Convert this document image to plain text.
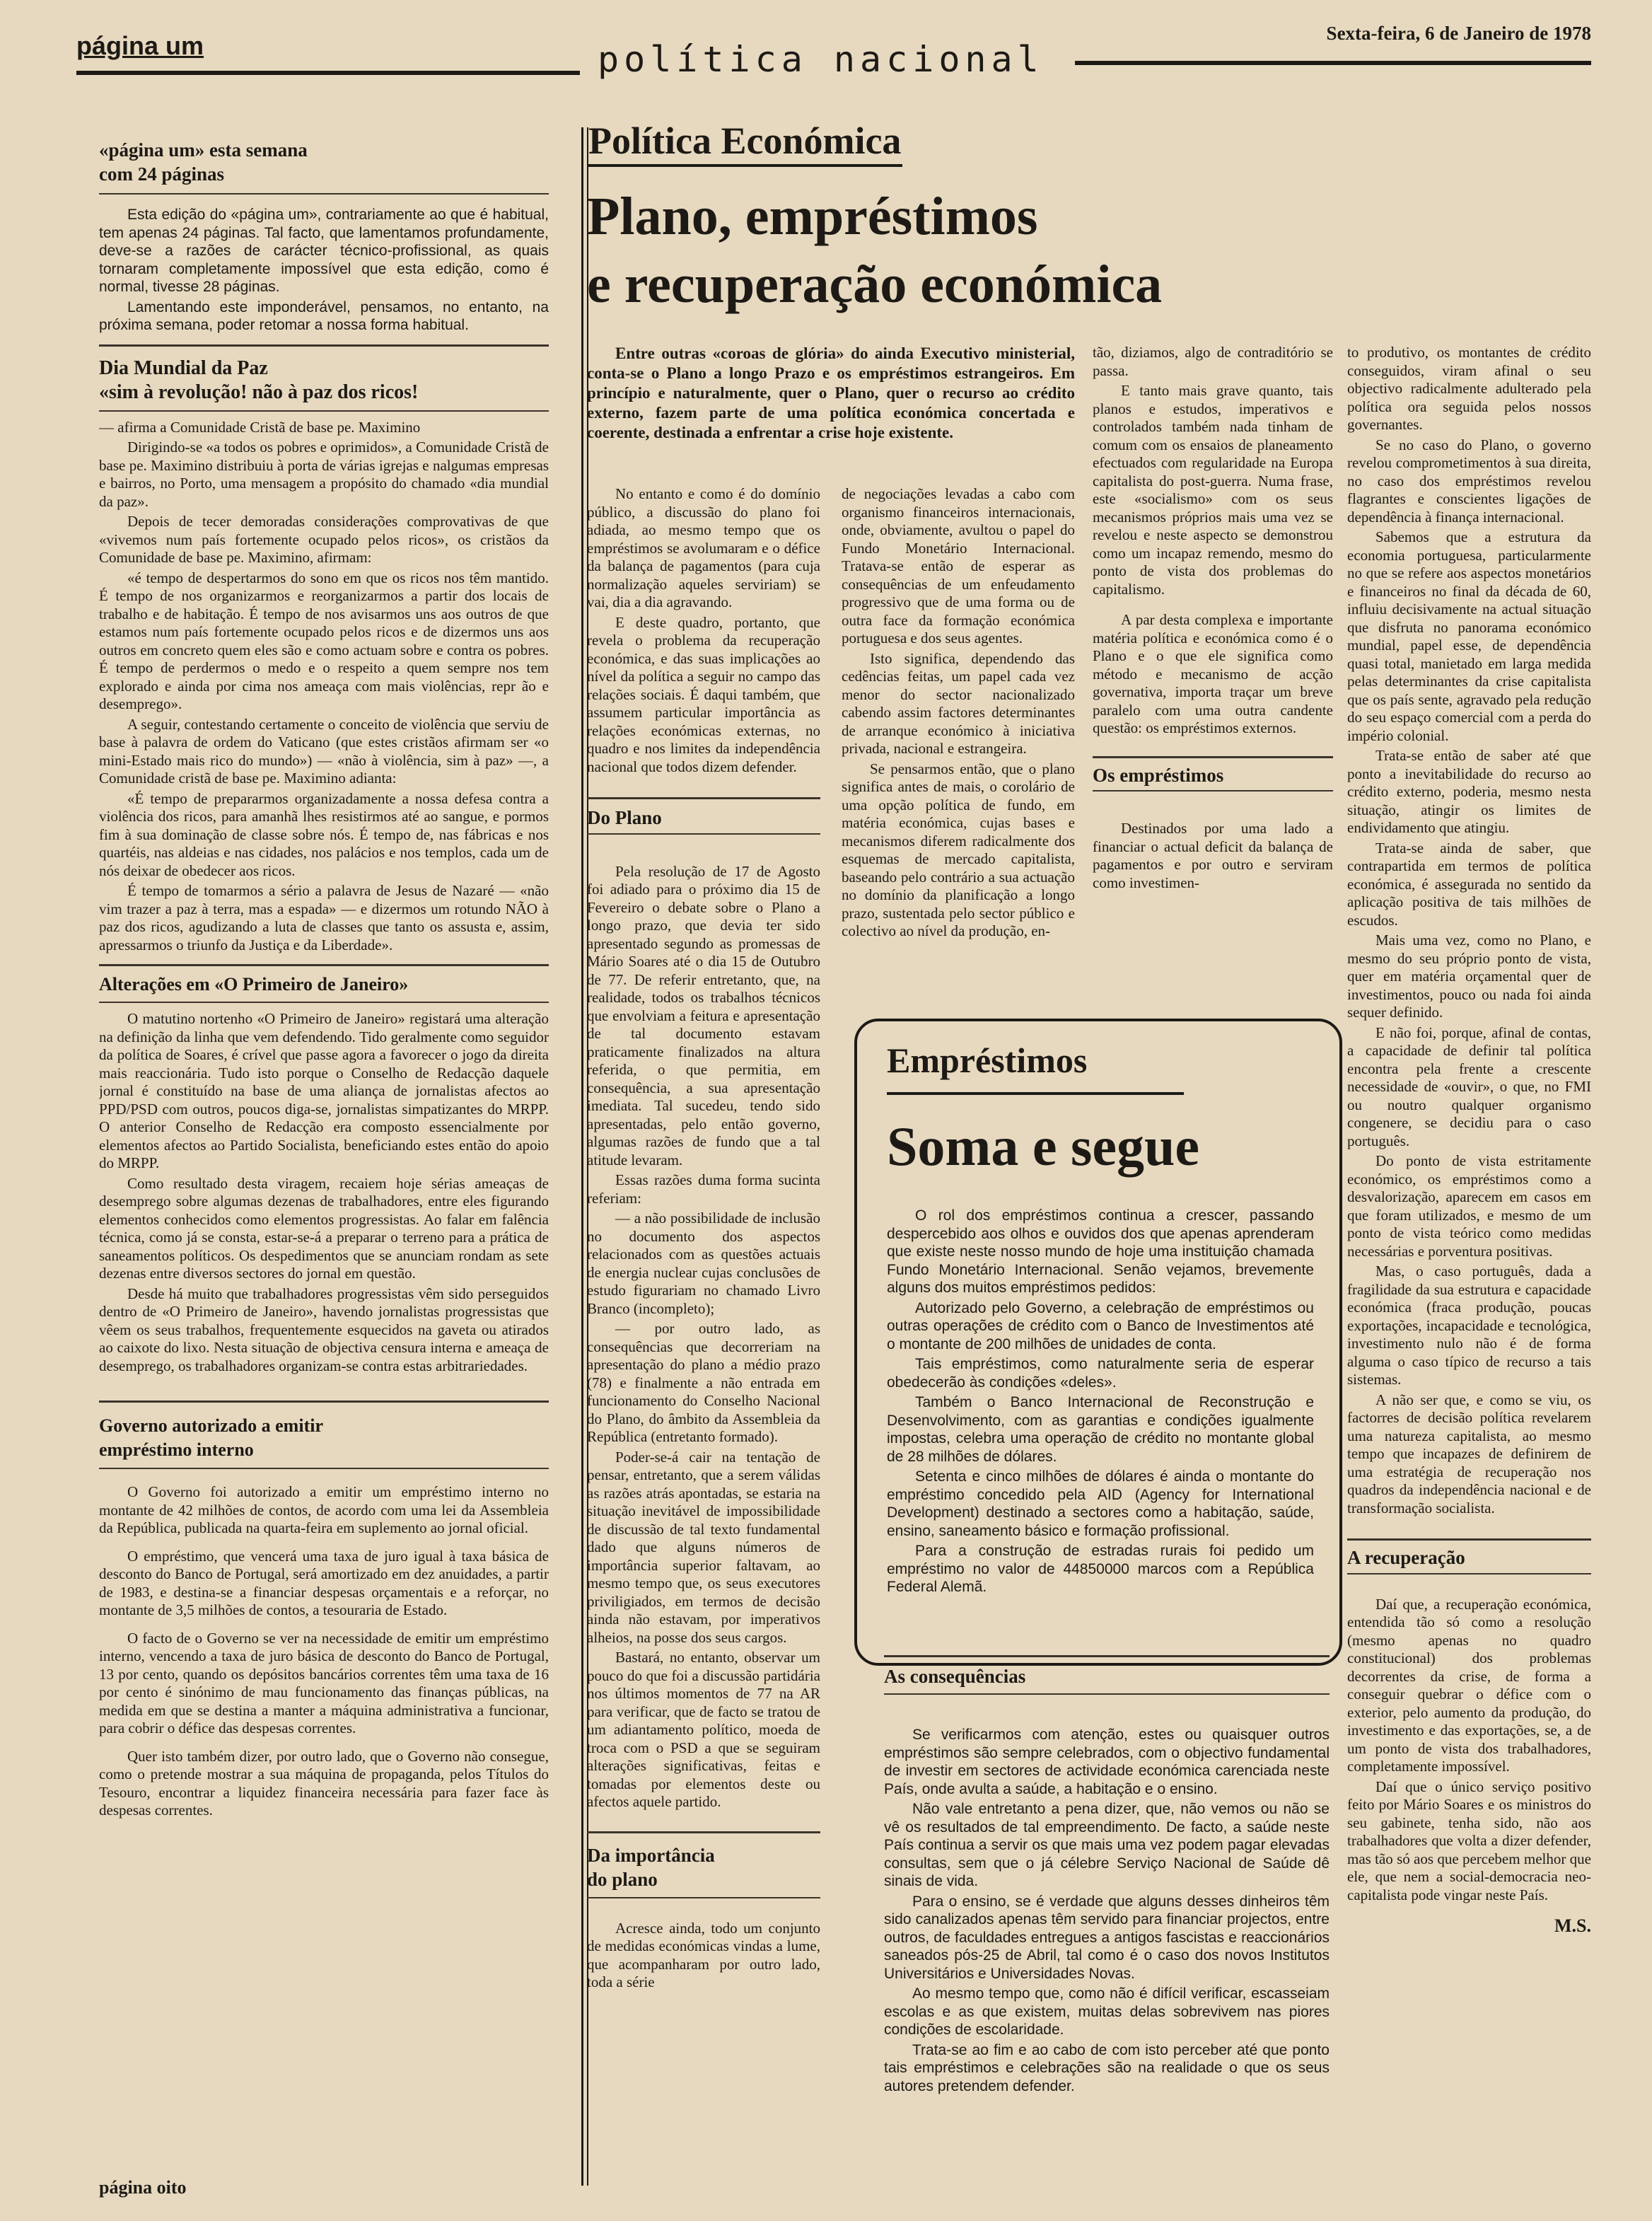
página um	política nacional
Sexta-feira, 6 de Janeiro de 1978
«página um» esta semana
com 24 páginas

Esta edição do «página um», contrariamente ao que é habitual, tem apenas 24 páginas. Tal facto, que lamentamos profundamente, deve-se a razões de carácter técnico-profissional, as quais tornaram completamente impossível que esta edição, como é normal, tivesse 28 páginas.

Lamentando este imponderável, pensamos, no entanto, na próxima semana, poder retomar a nossa forma habitual.

Dia Mundial da Paz
«sim à revolução! não à paz dos ricos!

— afirma a Comunidade Cristã de base pe. Maximino

Dirigindo-se «a todos os pobres e oprimidos», a Comunidade Cristã de base pe. Maximino distribuiu à porta de várias igrejas e nalgumas empresas e bairros, no Porto, uma mensagem a propósito do chamado «dia mundial da paz».

Depois de tecer demoradas considerações comprovativas de que «vivemos num país fortemente ocupado pelos ricos», os cristãos da Comunidade de base pe. Maximino, afirmam:

«é tempo de despertarmos do sono em que os ricos nos têm mantido. É tempo de nos organizarmos e reorganizarmos a partir dos locais de trabalho e de habitação. É tempo de nos avisarmos uns aos outros de que estamos num país fortemente ocupado pelos ricos e de dizermos uns aos outros em concreto quem eles são e como actuam sobre e contra os pobres. É tempo de perdermos o medo e o respeito a quem sempre nos tem explorado e ainda por cima nos ameaça com mais violências, repr ão e desemprego».

A seguir, contestando certamente o conceito de violência que serviu de base à palavra de ordem do Vaticano (que estes cristãos afirmam ser «o mini-Estado mais rico do mundo») — «não à violência, sim à paz» —, a Comunidade cristã de base pe. Maximino adianta:

«É tempo de prepararmos organizadamente a nossa defesa contra a violência dos ricos, para amanhã lhes resistirmos até ao sangue, e pormos fim à sua dominação de classe sobre nós. É tempo de, nas fábricas e nos quartéis, nas aldeias e nas cidades, nos palácios e nos templos, cada um de nós deixar de obedecer aos ricos.

É tempo de tomarmos a sério a palavra de Jesus de Nazaré — «não vim trazer a paz à terra, mas a espada» — e dizermos um rotundo NÃO à paz dos ricos, agudizando a luta de classes que tanto os assusta e, assim, apressarmos o triunfo da Justiça e da Liberdade».

Alterações em «O Primeiro de Janeiro»

O matutino nortenho «O Primeiro de Janeiro» registará uma alteração na definição da linha que vem defendendo. Tido geralmente como seguidor da política de Soares, é crível que passe agora a favorecer o jogo da direita mais reaccionária. Tudo isto porque o Conselho de Redacção daquele jornal é constituído na base de uma aliança de jornalistas afectos ao PPD/PSD com outros, poucos diga-se, jornalistas simpatizantes do MRPP. O anterior Conselho de Redacção era composto essencialmente por elementos afectos ao Partido Socialista, beneficiando estes então do apoio do MRPP.

Como resultado desta viragem, recaiem hoje sérias ameaças de desemprego sobre algumas dezenas de trabalhadores, entre eles figurando elementos conhecidos como elementos progressistas. Ao falar em falência técnica, como já se consta, estar-se-á a preparar o terreno para a prática de saneamentos políticos. Os despedimentos que se anunciam rondam as sete dezenas entre diversos sectores do jornal em questão.

Desde há muito que trabalhadores progressistas vêm sido perseguidos dentro de «O Primeiro de Janeiro», havendo jornalistas progressistas que vêem os seus trabalhos, frequentemente esquecidos na gaveta ou atirados ao caixote do lixo. Nesta situação de objectiva censura interna e ameaça de desemprego, os trabalhadores organizam-se contra estas arbitrariedades.

Governo autorizado a emitir
empréstimo interno

O Governo foi autorizado a emitir um empréstimo interno no montante de 42 milhões de contos, de acordo com uma lei da Assembleia da República, publicada na quarta-feira em suplemento ao jornal oficial.

O empréstimo, que vencerá uma taxa de juro igual à taxa básica de desconto do Banco de Portugal, será amortizado em dez anuidades, a partir de 1983, e destina-se a financiar despesas orçamentais e a reforçar, no montante de 3,5 milhões de contos, a tesouraria de Estado.

O facto de o Governo se ver na necessidade de emitir um empréstimo interno, vencendo a taxa de juro básica de desconto do Banco de Portugal, 13 por cento, quando os depósitos bancários correntes têm uma taxa de 16 por cento é sinónimo de mau funcionamento das finanças públicas, na medida em que se destina a manter a máquina administrativa a funcionar, para cobrir o défice das despesas correntes.

Quer isto também dizer, por outro lado, que o Governo não consegue, como o pretende mostrar a sua máquina de propaganda, pelos Títulos do Tesouro, encontrar a liquidez financeira necessária para fazer face às despesas correntes.

página oito
Política Económica
Plano, empréstimos
e recuperação económica
Entre outras «coroas de glória» do ainda Executivo ministerial, conta-se o Plano a longo Prazo e os empréstimos estrangeiros. Em princípio e naturalmente, quer o Plano, quer o recurso ao crédito externo, fazem parte de uma política económica concertada e coerente, destinada a enfrentar a crise hoje existente.

No entanto e como é do domínio público, a discussão do plano foi adiada, ao mesmo tempo que os empréstimos se avolumaram e o défice da balança de pagamentos (para cuja normalização aqueles serviriam) se vai, dia a dia agravando.

E deste quadro, portanto, que revela o problema da recuperação económica, e das suas implicações ao nível da política a seguir no campo das relações sociais. É daqui também, que assumem particular importância as relações económicas externas, no quadro e nos limites da independência nacional que todos dizem defender.

Do Plano

Pela resolução de 17 de Agosto foi adiado para o próximo dia 15 de Fevereiro o debate sobre o Plano a longo prazo, que devia ter sido apresentado segundo as promessas de Mário Soares até o dia 15 de Outubro de 77. De referir entretanto, que, na realidade, todos os trabalhos técnicos que envolviam a feitura e apresentação de tal documento estavam praticamente finalizados na altura referida, o que permitia, em consequência, a sua apresentação imediata. Tal sucedeu, tendo sido apresentadas, pelo então governo, algumas razões de fundo que a tal atitude levaram.

Essas razões duma forma sucinta referiam:

— a não possibilidade de inclusão no documento dos aspectos relacionados com as questões actuais de energia nuclear cujas conclusões de estudo figurariam no chamado Livro Branco (incompleto);

— por outro lado, as consequências que decorreriam na apresentação do plano a médio prazo (78) e finalmente a não entrada em funcionamento do Conselho Nacional do Plano, do âmbito da Assembleia da República (entretanto formado).

Poder-se-á cair na tentação de pensar, entretanto, que a serem válidas as razões atrás apontadas, se estaria na situação inevitável de impossibilidade de discussão de tal texto fundamental dado que alguns números de importância superior faltavam, ao mesmo tempo que, os seus executores priviligiados, em termos de decisão ainda não estavam, por imperativos alheios, na posse dos seus cargos.

Bastará, no entanto, observar um pouco do que foi a discussão partidária nos últimos momentos de 77 na AR para verificar, que de facto se tratou de um adiantamento político, moeda de troca com o PSD a que se seguiram alterações significativas, feitas e tomadas por elementos deste ou afectos aquele partido.

Da importância
do plano

Acresce ainda, todo um conjunto de medidas económicas vindas a lume, que acompanharam por outro lado, toda a série

de negociações levadas a cabo com organismo financeiros internacionais, onde, obviamente, avultou o papel do Fundo Monetário Internacional. Tratava-se então de esperar as consequências de um enfeudamento progressivo que de uma forma ou de outra face da formação económica portuguesa e dos seus agentes.

Isto significa, dependendo das cedências feitas, um papel cada vez menor do sector nacionalizado cabendo assim factores determinantes de arranque económico à iniciativa privada, nacional e estrangeira.

Se pensarmos então, que o plano significa antes de mais, o corolário de uma opção política de fundo, em matéria económica, cujas bases e mecanismos diferem radicalmente dos esquemas de mercado capitalista, baseando pelo contrário a sua actuação no domínio da planificação a longo prazo, sustentada pelo sector público e colectivo ao nível da produção, en-

tão, diziamos, algo de contraditório se passa.

E tanto mais grave quanto, tais planos e estudos, imperativos e controlados também nada tinham de comum com os ensaios de planeamento efectuados com regularidade na Europa capitalista do post-guerra. Numa frase, este «socialismo» com os seus mecanismos próprios mais uma vez se revelou e neste aspecto se demonstrou como um incapaz remendo, mesmo do ponto de vista dos problemas do capitalismo.

A par desta complexa e importante matéria política e económica como é o Plano e o que ele significa como método e mecanismo de acção governativa, importa traçar um breve paralelo com uma outra candente questão: os empréstimos externos.

Os empréstimos

Destinados por uma lado a financiar o actual deficit da balança de pagamentos e por outro e serviram como investimen-

to produtivo, os montantes de crédito conseguidos, viram afinal o seu objectivo radicalmente adulterado pela política ora seguida pelos nossos governantes.

Se no caso do Plano, o governo revelou comprometimentos à sua direita, no caso dos empréstimos revelou flagrantes e conscientes ligações de dependência à finança internacional.

Sabemos que a estrutura da economia portuguesa, particularmente no que se refere aos aspectos monetários e financeiros no final da década de 60, influiu decisivamente na actual situação que disfruta no panorama económico mundial, papel esse, de dependência quasi total, manietado em larga medida pelas determinantes da crise capitalista que os país sente, agravado pela redução do seu espaço comercial com a perda do império colonial.

Trata-se então de saber até que ponto a inevitabilidade do recurso ao crédito externo, poderia, mesmo nesta situação, atingir os limites de endividamento que atingiu.

Trata-se ainda de saber, que contrapartida em termos de política económica, é assegurada no sentido da aplicação positiva de tais milhões de escudos.

Mais uma vez, como no Plano, e mesmo do seu próprio ponto de vista, quer em matéria orçamental quer de investimentos, pouco ou nada foi ainda sequer definido.

E não foi, porque, afinal de contas, a capacidade de definir tal política encontra pela frente a crescente necessidade de «ouvir», o que, no FMI ou noutro qualquer organismo congenere, se decidiu para o caso português.

Do ponto de vista estritamente económico, os empréstimos como a desvalorização, aparecem em casos em que foram utilizados, e mesmo de um ponto de vista teórico como medidas necessárias e porventura positivas.

Mas, o caso português, dada a fragilidade da sua estrutura e capacidade económica (fraca produção, poucas exportações, incapacidade e tecnológica, investimento nulo não é de forma alguma o caso típico de recurso a tais sistemas.

A não ser que, e como se viu, os factorres de decisão política revelarem uma natureza capitalista, ao mesmo tempo que incapazes de definirem de uma estratégia de recuperação nos quadros da independência nacional e de transformação socialista.

A recuperação

Daí que, a recuperação económica, entendida tão só como a resolução (mesmo apenas no quadro constitucional) dos problemas decorrentes da crise, de forma a conseguir quebrar o défice com o exterior, pelo aumento da produção, do investimento e das exportações, se, a de um ponto de vista dos trabalhadores, completamente impossível.

Daí que o único serviço positivo feito por Mário Soares e os ministros do seu gabinete, tenha sido, não aos trabalhadores que volta a dizer defender, mas tão só aos que percebem melhor que ele, que nem a social-democracia neo-capitalista pode vingar neste País.

M.S.
Empréstimos
Soma e segue

O rol dos empréstimos continua a crescer, passando despercebido aos olhos e ouvidos dos que apenas aprenderam que existe neste nosso mundo de hoje uma instituição chamada Fundo Monetário Internacional. Senão vejamos, brevemente alguns dos muitos empréstimos pedidos:

Autorizado pelo Governo, a celebração de empréstimos ou outras operações de crédito com o Banco de Investimentos até o montante de 200 milhões de unidades de conta.

Tais empréstimos, como naturalmente seria de esperar obedecerão às condições «deles».

Também o Banco Internacional de Reconstrução e Desenvolvimento, com as garantias e condições igualmente impostas, celebra uma operação de crédito no montante global de 28 milhões de dólares.

Setenta e cinco milhões de dólares é ainda o montante do empréstimo concedido pela AID (Agency for International Development) destinado a sectores como a habitação, saúde, ensino, saneamento básico e formação profissional.

Para a construção de estradas rurais foi pedido um empréstimo no valor de 44850000 marcos com a República Federal Alemã.

As consequências

Se verificarmos com atenção, estes ou quaisquer outros empréstimos são sempre celebrados, com o objectivo fundamental de investir em sectores de actividade económica carenciada neste País, onde avulta a saúde, a habitação e o ensino.

Não vale entretanto a pena dizer, que, não vemos ou não se vê os resultados de tal empreendimento. De facto, a saúde neste País continua a servir os que mais uma vez podem pagar elevadas consultas, sem que o já célebre Serviço Nacional de Saúde dê sinais de vida.

Para o ensino, se é verdade que alguns desses dinheiros têm sido canalizados apenas têm servido para financiar projectos, entre outros, de faculdades entregues a antigos fascistas e reaccionários saneados pós-25 de Abril, tal como é o caso dos novos Institutos Universitários e Universidades Novas.

Ao mesmo tempo que, como não é difícil verificar, escasseiam escolas e as que existem, muitas delas sobrevivem nas piores condições de escolaridade.

Trata-se ao fim e ao cabo de com isto perceber até que ponto tais empréstimos e celebrações são na realidade o que os seus autores pretendem defender.
